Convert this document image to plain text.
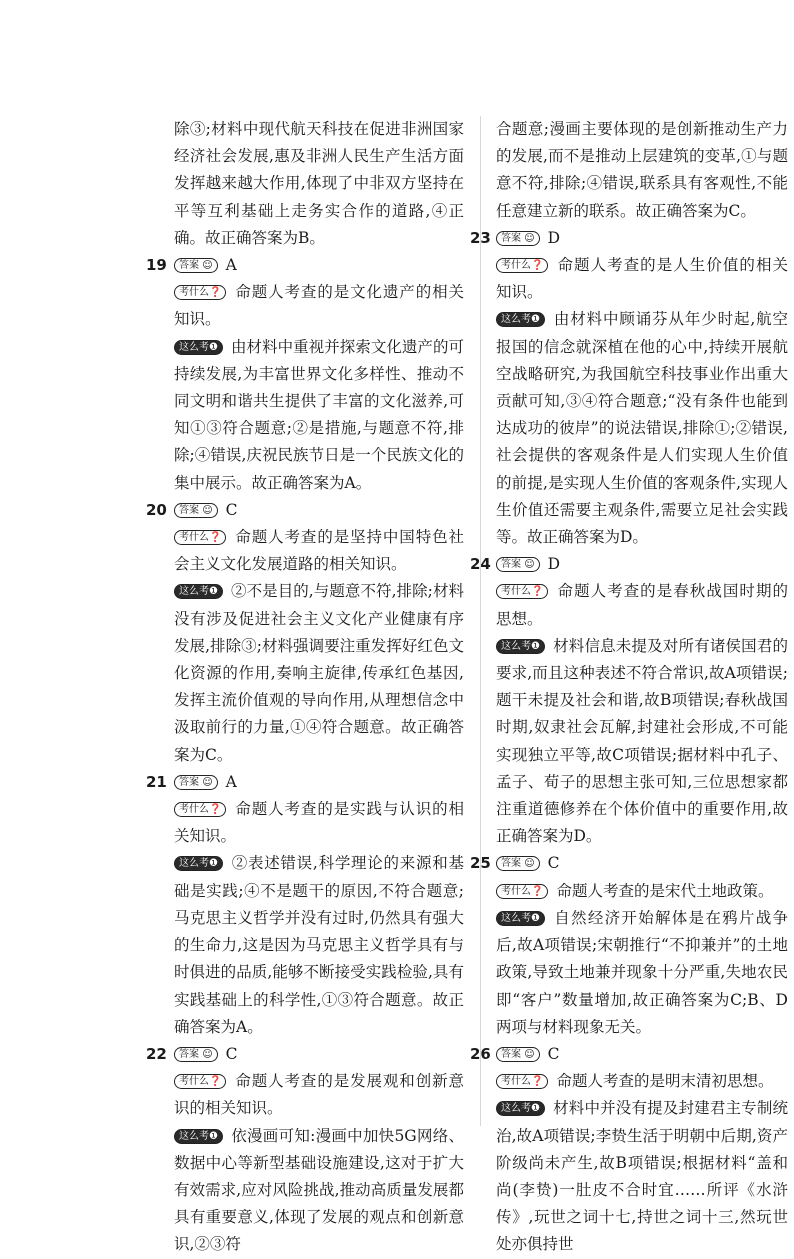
除③;材料中现代航天科技在促进非洲国家经济社会发展,惠及非洲人民生产生活方面发挥越来越大作用,体现了中非双方坚持在平等互利基础上走务实合作的道路,④正确。故正确答案为B。

19 答案 ☺ A

考什么❓ 命题人考查的是文化遗产的相关知识。

这么考❶ 由材料中重视并探索文化遗产的可持续发展,为丰富世界文化多样性、推动不同文明和谐共生提供了丰富的文化滋养,可知①③符合题意;②是措施,与题意不符,排除;④错误,庆祝民族节日是一个民族文化的集中展示。故正确答案为A。

20 答案 ☺ C

考什么❓ 命题人考查的是坚持中国特色社会主义文化发展道路的相关知识。

这么考❶ ②不是目的,与题意不符,排除;材料没有涉及促进社会主义文化产业健康有序发展,排除③;材料强调要注重发挥好红色文化资源的作用,奏响主旋律,传承红色基因,发挥主流价值观的导向作用,从理想信念中汲取前行的力量,①④符合题意。故正确答案为C。

21 答案 ☺ A

考什么❓ 命题人考查的是实践与认识的相关知识。

这么考❶ ②表述错误,科学理论的来源和基础是实践;④不是题干的原因,不符合题意;马克思主义哲学并没有过时,仍然具有强大的生命力,这是因为马克思主义哲学具有与时俱进的品质,能够不断接受实践检验,具有实践基础上的科学性,①③符合题意。故正确答案为A。

22 答案 ☺ C

考什么❓ 命题人考查的是发展观和创新意识的相关知识。

这么考❶ 依漫画可知:漫画中加快5G网络、数据中心等新型基础设施建设,这对于扩大有效需求,应对风险挑战,推动高质量发展都具有重要意义,体现了发展的观点和创新意识,②③符

合题意;漫画主要体现的是创新推动生产力的发展,而不是推动上层建筑的变革,①与题意不符,排除;④错误,联系具有客观性,不能任意建立新的联系。故正确答案为C。

23 答案 ☺ D

考什么❓ 命题人考查的是人生价值的相关知识。

这么考❶ 由材料中顾诵芬从年少时起,航空报国的信念就深植在他的心中,持续开展航空战略研究,为我国航空科技事业作出重大贡献可知,③④符合题意;“没有条件也能到达成功的彼岸”的说法错误,排除①;②错误,社会提供的客观条件是人们实现人生价值的前提,是实现人生价值的客观条件,实现人生价值还需要主观条件,需要立足社会实践等。故正确答案为D。

24 答案 ☺ D

考什么❓ 命题人考查的是春秋战国时期的思想。

这么考❶ 材料信息未提及对所有诸侯国君的要求,而且这种表述不符合常识,故A项错误;题干未提及社会和谐,故B项错误;春秋战国时期,奴隶社会瓦解,封建社会形成,不可能实现独立平等,故C项错误;据材料中孔子、孟子、荀子的思想主张可知,三位思想家都注重道德修养在个体价值中的重要作用,故正确答案为D。

25 答案 ☺ C

考什么❓ 命题人考查的是宋代土地政策。

这么考❶ 自然经济开始解体是在鸦片战争后,故A项错误;宋朝推行“不抑兼并”的土地政策,导致土地兼并现象十分严重,失地农民即“客户”数量增加,故正确答案为C;B、D两项与材料现象无关。

26 答案 ☺ C

考什么❓ 命题人考查的是明末清初思想。

这么考❶ 材料中并没有提及封建君主专制统治,故A项错误;李贽生活于明朝中后期,资产阶级尚未产生,故B项错误;根据材料“盖和尚(李贽)一肚皮不合时宜……所评《水浒传》,玩世之词十七,持世之词十三,然玩世处亦俱持世
